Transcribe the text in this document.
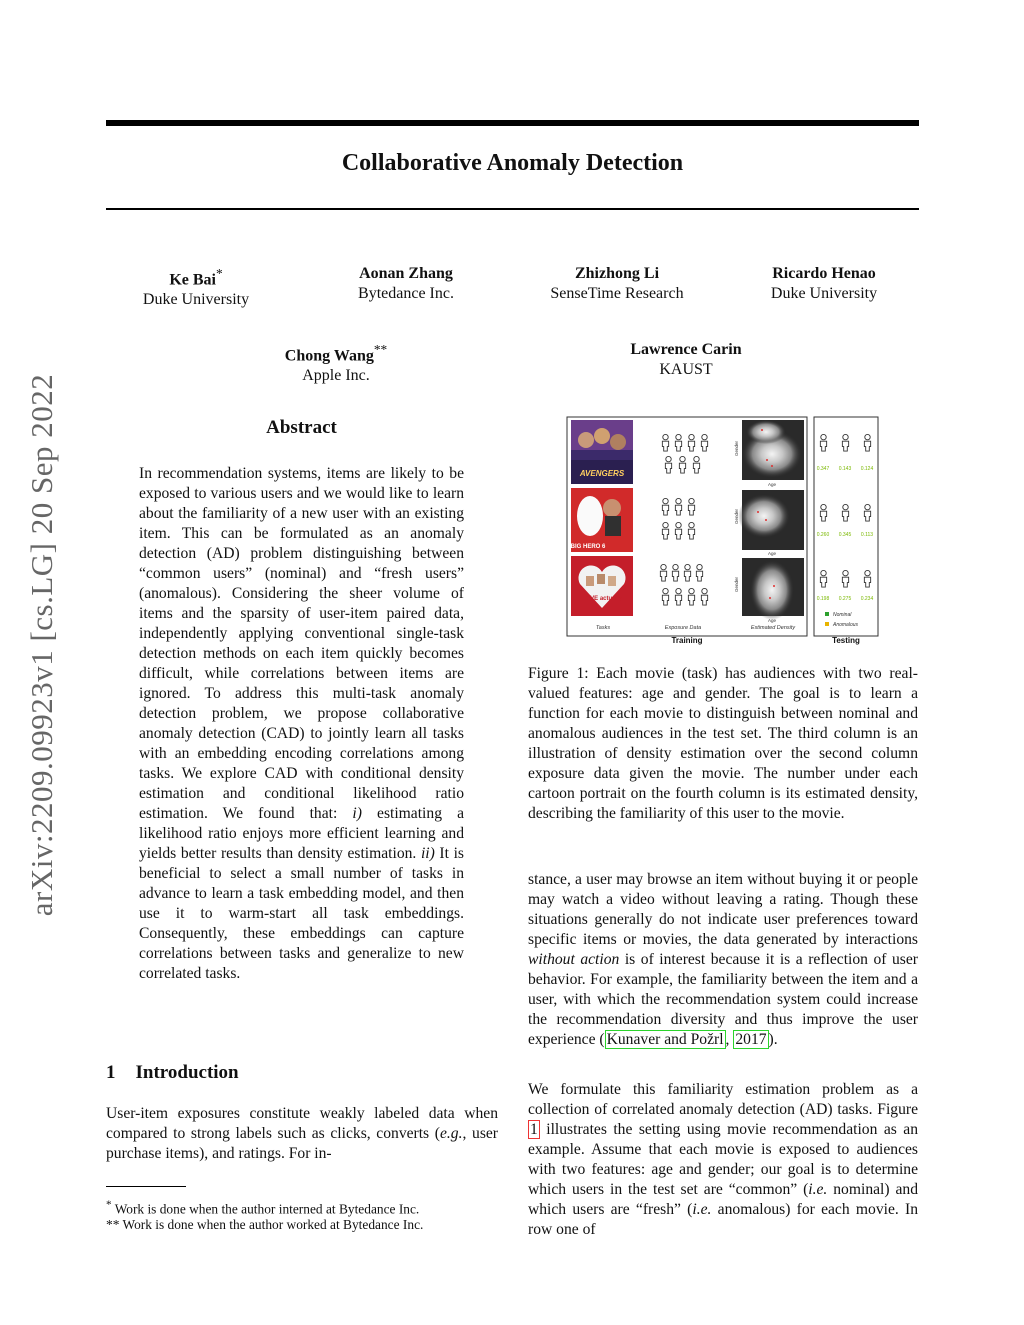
arXiv:2209.09923v1 [cs.LG] 20 Sep 2022
Collaborative Anomaly Detection
Ke Bai*
Duke University
Aonan Zhang
Bytedance Inc.
Zhizhong Li
SenseTime Research
Ricardo Henao
Duke University
Chong Wang**
Apple Inc.
Lawrence Carin
KAUST
Abstract

In recommendation systems, items are likely to be exposed to various users and we would like to learn about the familiarity of a new user with an existing item. This can be formulated as an anomaly detection (AD) problem distinguishing between “common users” (nominal) and “fresh users” (anomalous). Considering the sheer volume of items and the sparsity of user-item paired data, independently applying conventional single-task detection methods on each item quickly becomes difficult, while correlations between items are ignored. To address this multi-task anomaly detection problem, we propose collaborative anomaly detection (CAD) to jointly learn all tasks with an embedding encoding correlations among tasks. We explore CAD with conditional density estimation and conditional likelihood ratio estimation. We found that: i) estimating a likelihood ratio enjoys more efficient learning and yields better results than density estimation. ii) It is beneficial to select a small number of tasks in advance to learn a task embedding model, and then use it to warm-start all task embeddings. Consequently, these embeddings can capture correlations between tasks and generalize to new correlated tasks.

1 Introduction

User-item exposures constitute weakly labeled data when compared to strong labels such as clicks, converts (e.g., user purchase items), and ratings. For in-

* Work is done when the author interned at Bytedance Inc.
** Work is done when the author worked at Bytedance Inc.
AVENGERS
BIG HERO 6
LOVE actually
Gender
Age
Gender
Age
Gender
Age
0.347 0.143 0.124
0.260 0.345 0.113
0.198 0.275 0.234
Nominal
Anomalous
Tasks	Exposure Data	Estimated Density
Training	Testing
Figure 1: Each movie (task) has audiences with two real-valued features: age and gender. The goal is to learn a function for each movie to distinguish between nominal and anomalous audiences in the test set. The third column is an illustration of density estimation over the second column exposure data given the movie. The number under each cartoon portrait on the fourth column is its estimated density, describing the familiarity of this user to the movie.

stance, a user may browse an item without buying it or people may watch a video without leaving a rating. Though these situations generally do not indicate user preferences toward specific items or movies, the data generated by interactions without action is of interest because it is a reflection of user behavior. For example, the familiarity between the item and a user, with which the recommendation system could increase the recommendation diversity and thus improve the user experience ( Kunaver and Požrl , 2017 ).

We formulate this familiarity estimation problem as a collection of correlated anomaly detection (AD) tasks. Figure 1 illustrates the setting using movie recommendation as an example. Assume that each movie is exposed to audiences with two features: age and gender; our goal is to determine which users in the test set are “common” (i.e. nominal) and which users are “fresh” (i.e. anomalous) for each movie. In row one of
